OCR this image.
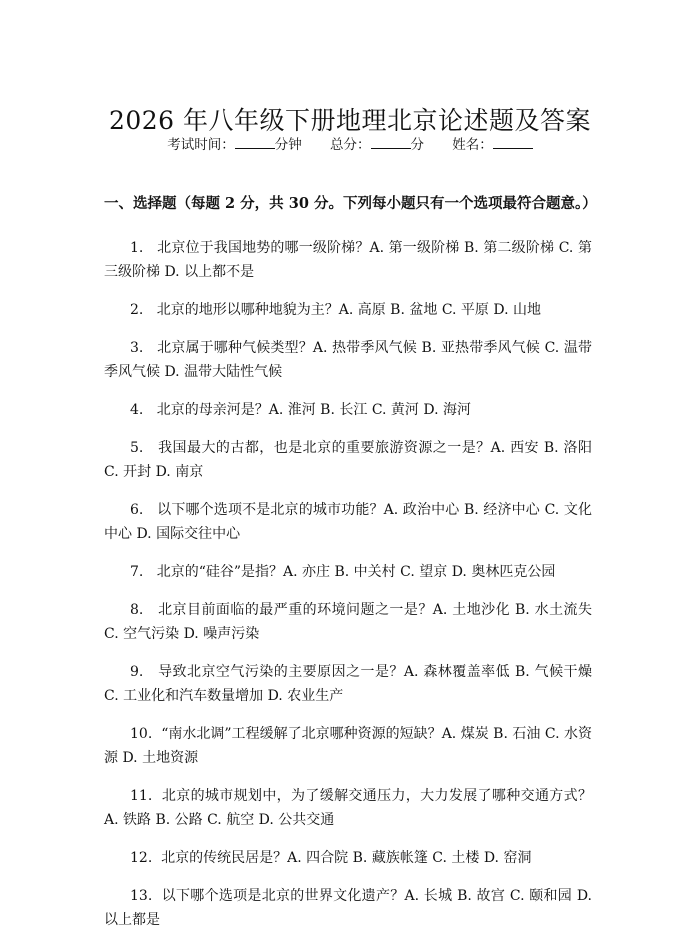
2026 年八年级下册地理北京论述题及答案
考试时间：	分钟 总分：	分 姓名：
一、选择题（每题 2 分，共 30 分。下列每小题只有一个选项最符合题意。）

1. 北京位于我国地势的哪一级阶梯？A. 第一级阶梯 B. 第二级阶梯 C. 第三级阶梯 D. 以上都不是

2. 北京的地形以哪种地貌为主？A. 高原 B. 盆地 C. 平原 D. 山地

3. 北京属于哪种气候类型？A. 热带季风气候 B. 亚热带季风气候 C. 温带季风气候 D. 温带大陆性气候

4. 北京的母亲河是？A. 淮河 B. 长江 C. 黄河 D. 海河

5. 我国最大的古都，也是北京的重要旅游资源之一是？A. 西安 B. 洛阳 C. 开封 D. 南京

6. 以下哪个选项不是北京的城市功能？A. 政治中心 B. 经济中心 C. 文化中心 D. 国际交往中心

7. 北京的“硅谷”是指？A. 亦庄 B. 中关村 C. 望京 D. 奥林匹克公园

8. 北京目前面临的最严重的环境问题之一是？A. 土地沙化 B. 水土流失 C. 空气污染 D. 噪声污染

9. 导致北京空气污染的主要原因之一是？A. 森林覆盖率低 B. 气候干燥 C. 工业化和汽车数量增加 D. 农业生产

10. “南水北调”工程缓解了北京哪种资源的短缺？A. 煤炭 B. 石油 C. 水资源 D. 土地资源

11. 北京的城市规划中，为了缓解交通压力，大力发展了哪种交通方式？A. 铁路 B. 公路 C. 航空 D. 公共交通

12. 北京的传统民居是？A. 四合院 B. 藏族帐篷 C. 土楼 D. 窑洞

13. 以下哪个选项是北京的世界文化遗产？A. 长城 B. 故宫 C. 颐和园 D. 以上都是
